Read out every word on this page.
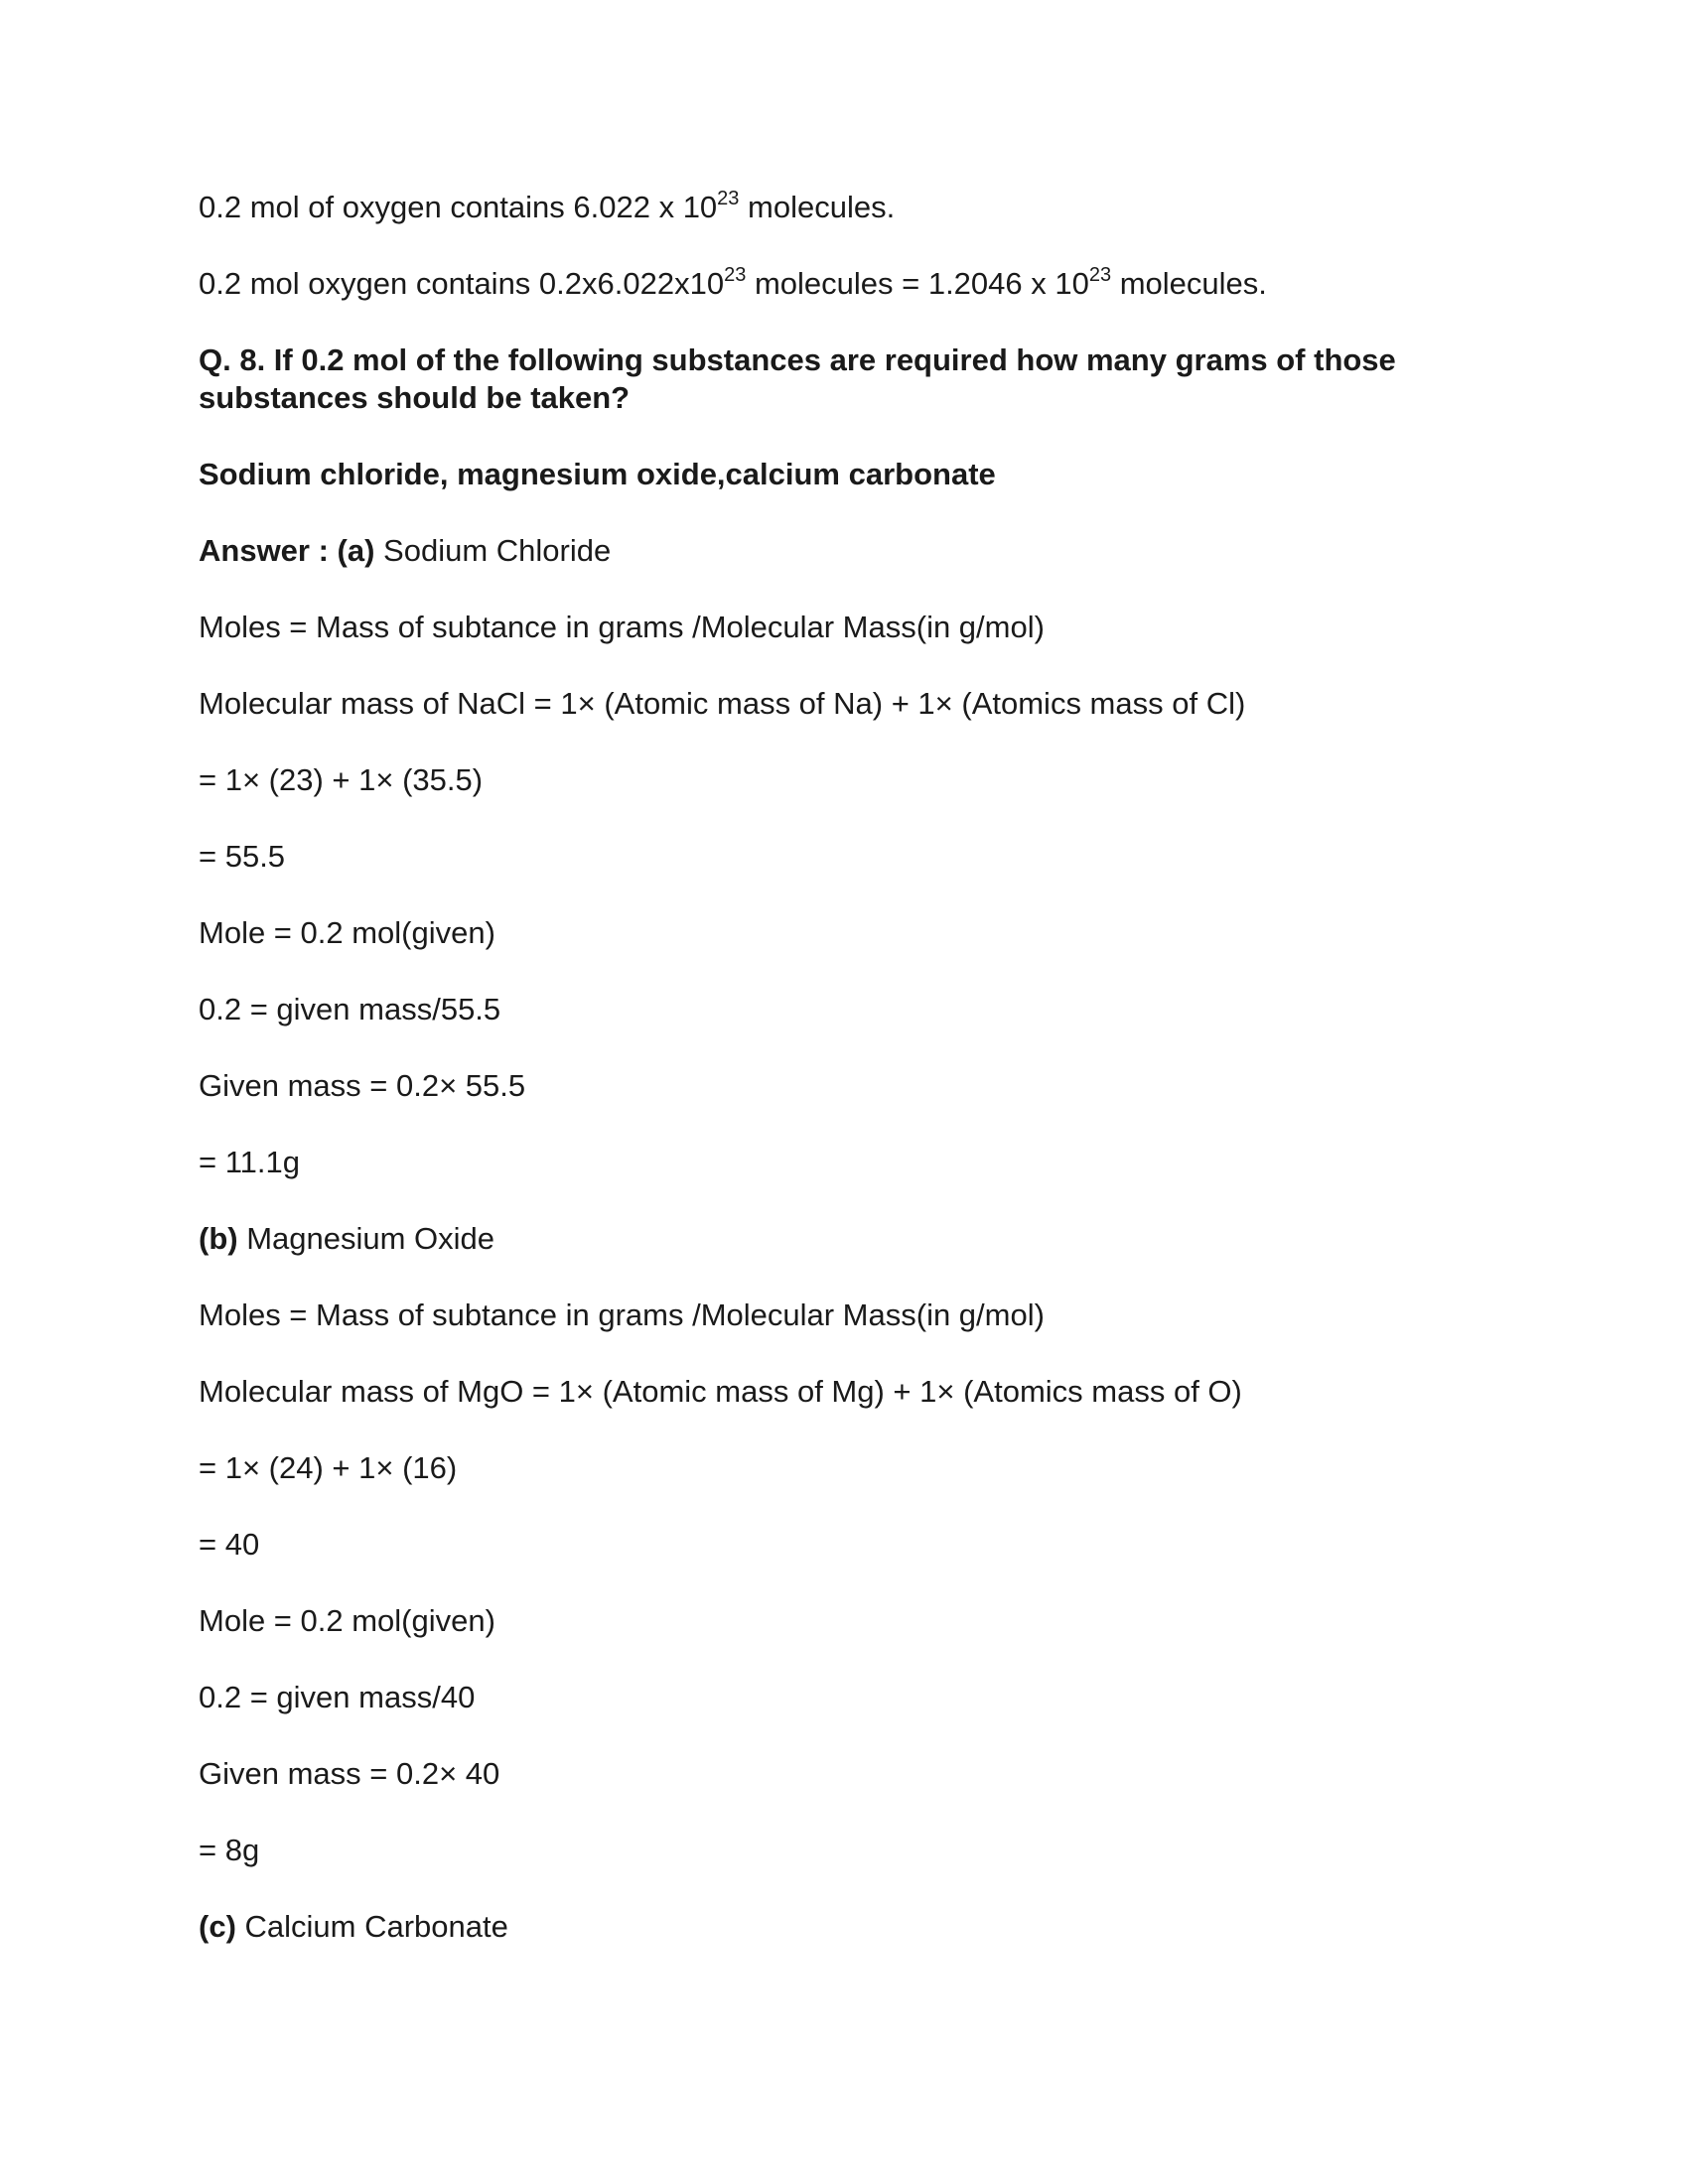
0.2 mol of oxygen contains 6.022 x $10^{23}$ molecules.
0.2 mol oxygen contains $0.2x6.022x10^{23}$ molecules = 1.2046 x $10^{23}$ molecules.
Q. 8. If 0.2 mol of the following substances are required how many grams of those substances should be taken?
Sodium chloride, magnesium oxide,calcium carbonate
Answer : (a) Sodium Chloride
Moles = Mass of subtance in grams /Molecular Mass(in g/mol)
Molecular mass of NaCl = 1× (Atomic mass of Na) + 1× (Atomics mass of Cl)
= 1× (23) + 1× (35.5)
= 55.5
Mole = 0.2 mol(given)
0.2 = given mass/55.5
Given mass = 0.2× 55.5
= 11.1g
(b) Magnesium Oxide
Moles = Mass of subtance in grams /Molecular Mass(in g/mol)
Molecular mass of MgO = 1× (Atomic mass of Mg) + 1× (Atomics mass of O)
= 1× (24) + 1× (16)
= 40
Mole = 0.2 mol(given)
0.2 = given mass/40
Given mass = 0.2× 40
= 8g
(c) Calcium Carbonate
